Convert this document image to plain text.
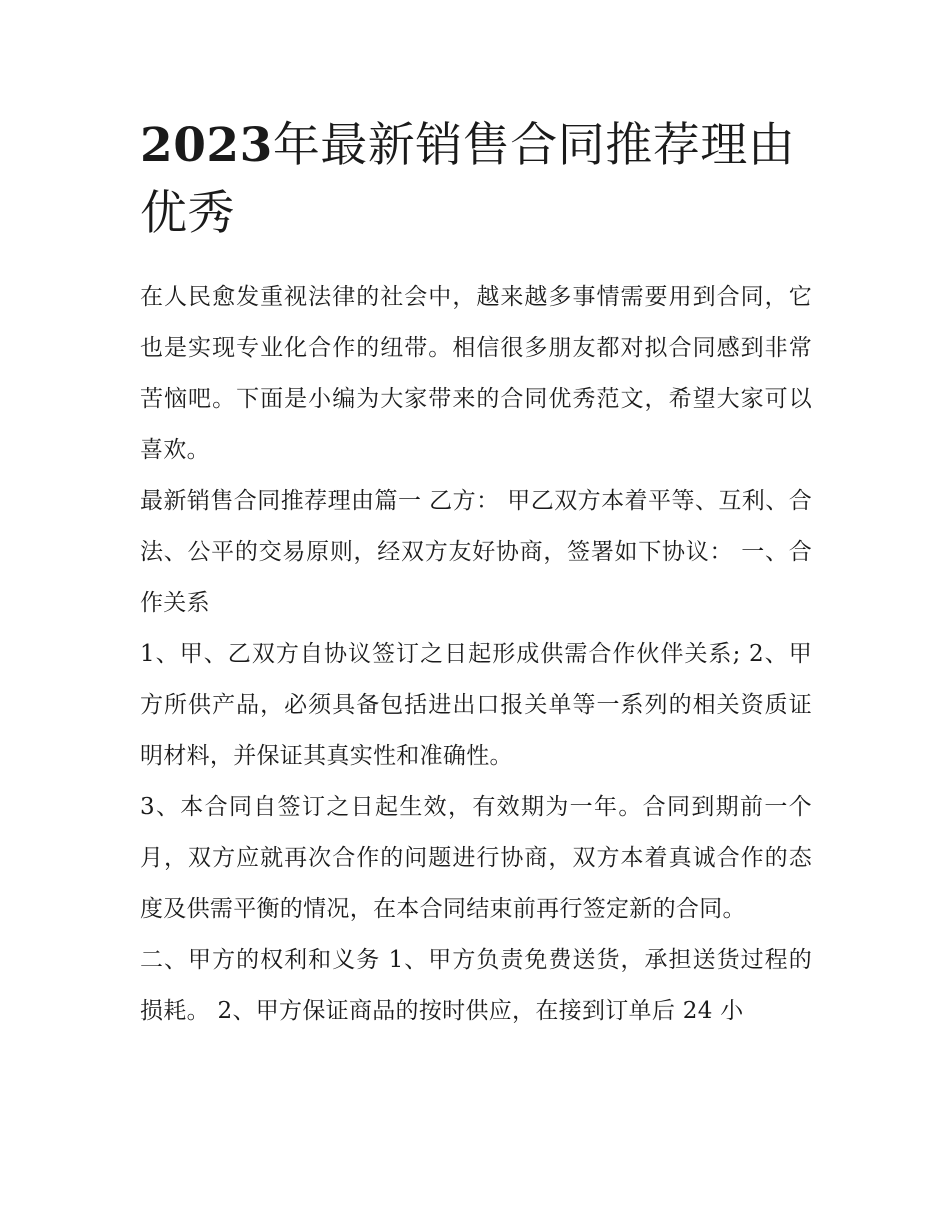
2023年最新销售合同推荐理由优秀

在人民愈发重视法律的社会中，越来越多事情需要用到合同，它也是实现专业化合作的纽带。相信很多朋友都对拟合同感到非常苦恼吧。下面是小编为大家带来的合同优秀范文，希望大家可以喜欢。

最新销售合同推荐理由篇一 乙方： 甲乙双方本着平等、互利、合法、公平的交易原则，经双方友好协商，签署如下协议： 一、合作关系

1、甲、乙双方自协议签订之日起形成供需合作伙伴关系; 2、甲方所供产品，必须具备包括进出口报关单等一系列的相关资质证明材料，并保证其真实性和准确性。

3、本合同自签订之日起生效，有效期为一年。合同到期前一个月，双方应就再次合作的问题进行协商，双方本着真诚合作的态度及供需平衡的情况，在本合同结束前再行签定新的合同。

二、甲方的权利和义务 1、甲方负责免费送货，承担送货过程的损耗。 2、甲方保证商品的按时供应，在接到订单后 24 小
